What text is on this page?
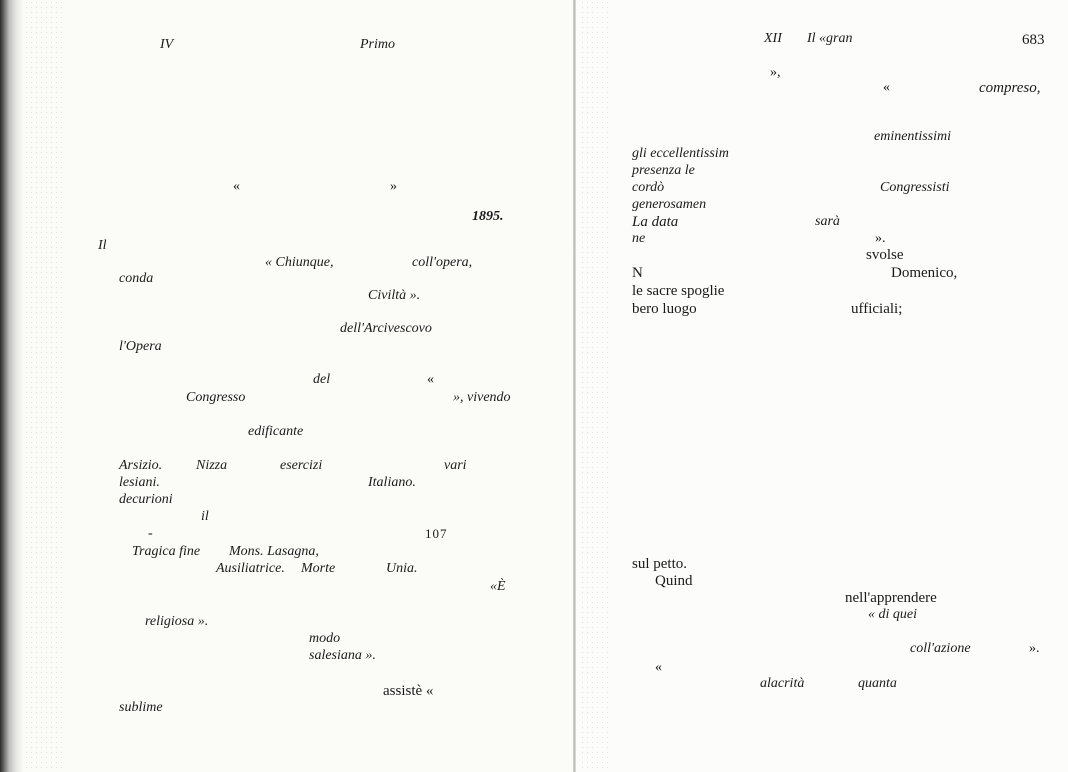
IV	Primo
«	»
1895.
Il
« Chiunque,	coll'opera,
conda
Civiltà ».
dell'Arcivescovo
l'Opera
del	«
Congresso	», vivendo
edificante
Arsizio. Nizza	esercizi	vari
lesiani.	Italiano.
decurioni
il
-	107
Tragica fine Mons. Lasagna,
Ausiliatrice. Morte	Unia.
«È
religiosa ».
modo
salesiana ».
assistè «
sublime
XII Il «gran	683
»,
«	compreso,
eminentissimi
gli eccellentissim
presenza le
cordò	Congressisti
generosamen
La data	sarà
ne	».
svolse
N	Domenico,
le sacre spoglie
bero luogo	ufficiali;
sul petto.
Quind
nell'apprendere
« di quei
coll'azione	».
«
alacrità	quanta
